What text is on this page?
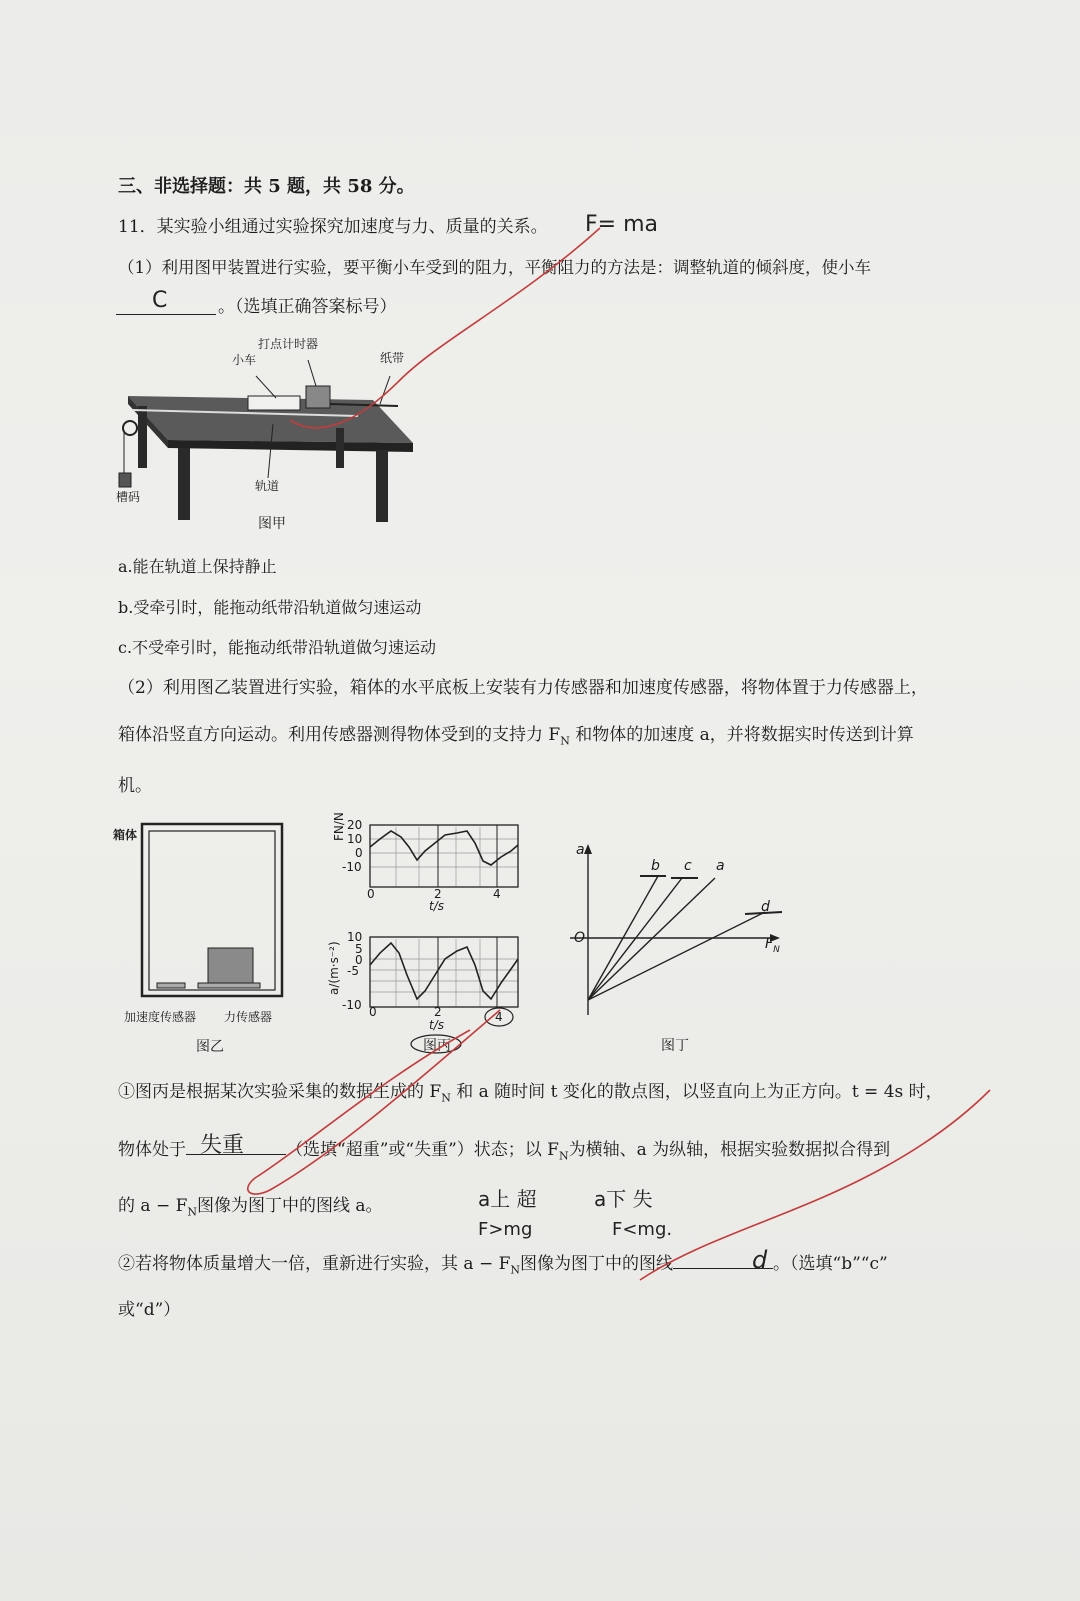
三、非选择题：共 5 题，共 58 分。
11．某实验小组通过实验探究加速度与力、质量的关系。 F= ma
（1）利用图甲装置进行实验，要平衡小车受到的阻力，平衡阻力的方法是：调整轨道的倾斜度，使小车
C	。（选填正确答案标号）
小车
打点计时器
纸带
轨道
槽码
图甲
a.能在轨道上保持静止
b.受牵引时，能拖动纸带沿轨道做匀速运动
c.不受牵引时，能拖动纸带沿轨道做匀速运动
（2）利用图乙装置进行实验，箱体的水平底板上安装有力传感器和加速度传感器，将物体置于力传感器上，
箱体沿竖直方向运动。利用传感器测得物体受到的支持力 $F_N$ 和物体的加速度 a，并将数据实时传送到计算
机。
箱体
加速度传感器 力传感器
图乙
FN/N 20
10
0
-10
0	2	4
t/s
a/(m·s⁻²)
10
5
0
-5
-10 0	2	4
t/s
图丙
a
$F_N$
O
b c a
d
图丁
①图丙是根据某次实验采集的数据生成的 $F_N$ 和 a 随时间 t 变化的散点图，以竖直向上为正方向。t = 4s 时，
物体处于	（选填“超重”或“失重”）状态；以 $F_N$为横轴、a 为纵轴，根据实验数据拟合得到
失重
的 $a - F_N$图像为图丁中的图线 a。	a上 超
F>mg
a下 失
F<mg.
②若将物体质量增大一倍，重新进行实验，其 $a - F_N$图像为图丁中的图线	。（选填“b”“c”
d
或“d”）
